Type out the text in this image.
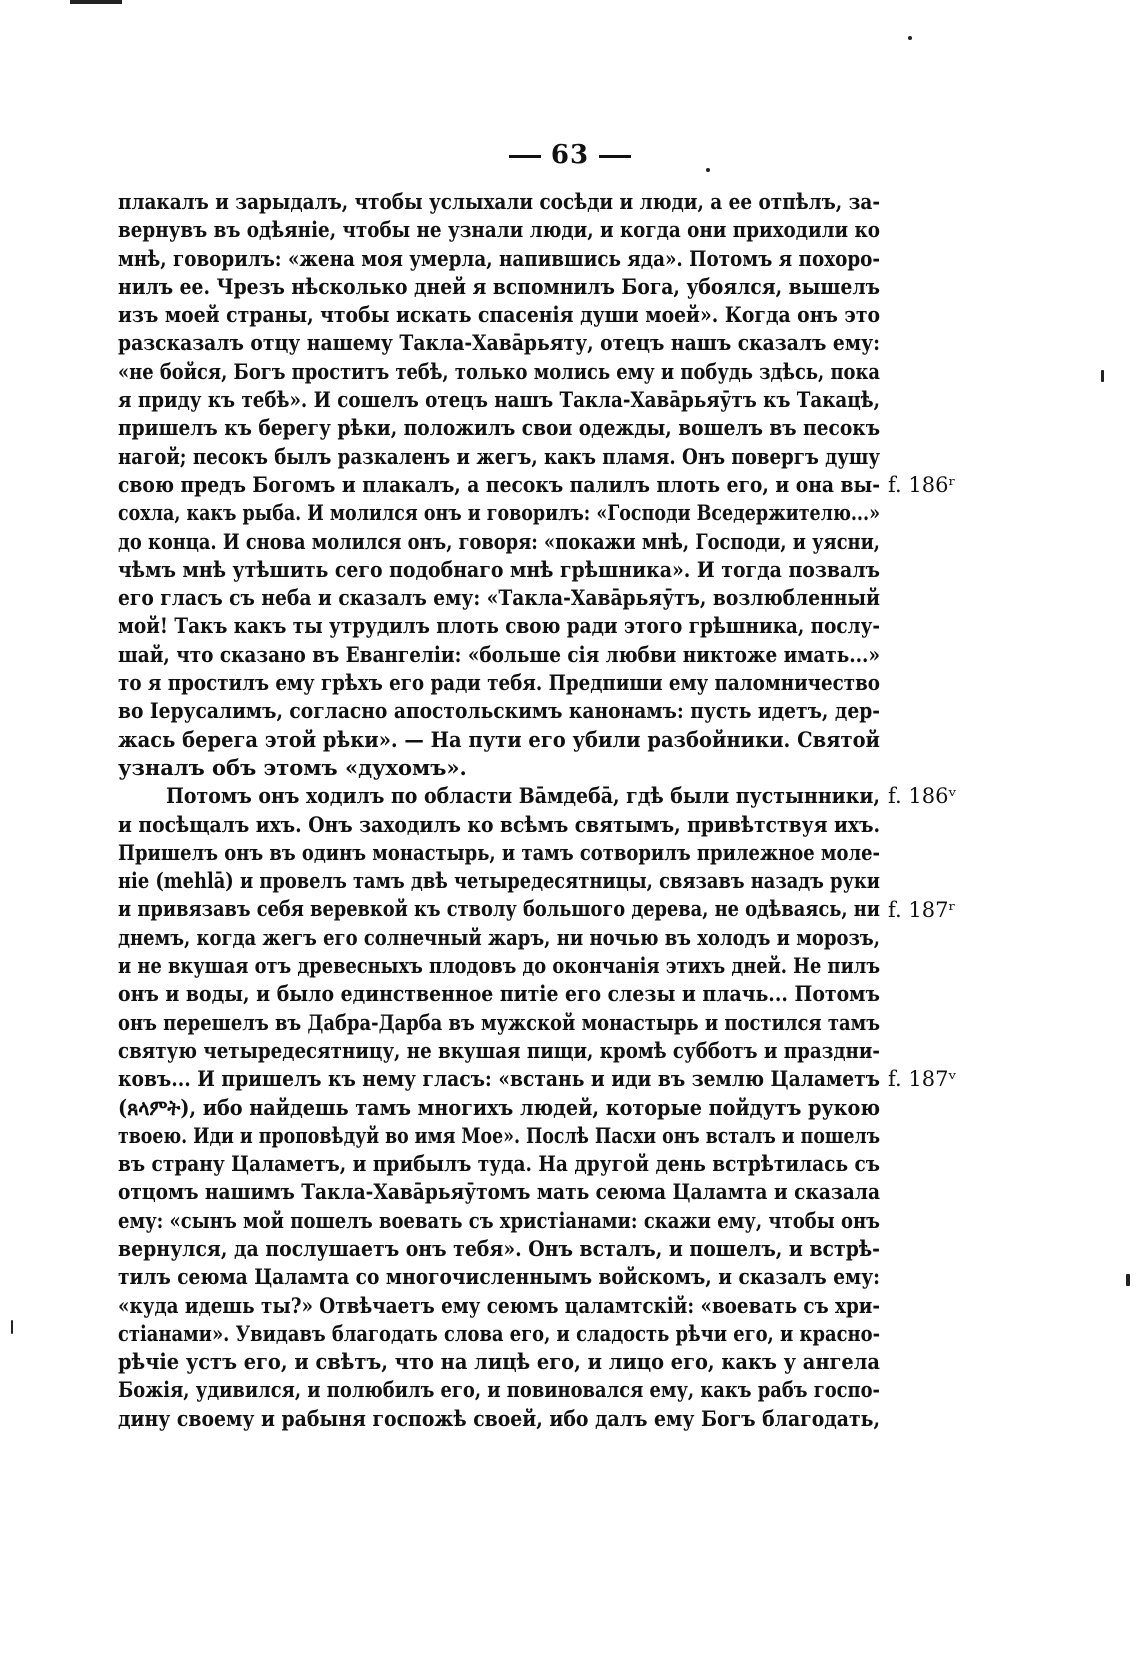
63
плакалъ и зарыдалъ, чтобы услыхали сосѣди и люди, а ее отпѣлъ, за-
вернувъ въ одѣяніе, чтобы не узнали люди, и когда они приходили ко
мнѣ, говорилъ: «жена моя умерла, напившись яда». Потомъ я похоро-
нилъ ее. Чрезъ нѣсколько дней я вспомнилъ Бога, убоялся, вышелъ
изъ моей страны, чтобы искать спасенія души моей». Когда онъ это
разсказалъ отцу нашему Такла-Хавāрьяту, отецъ нашъ сказалъ ему:
«не бойся, Богъ проститъ тебѣ, только молись ему и побудь здѣсь, пока
я приду къ тебѣ». И сошелъ отецъ нашъ Такла-Хавāрьяӯтъ къ Такацѣ,
пришелъ къ берегу рѣки, положилъ свои одежды, вошелъ въ песокъ
нагой; песокъ былъ разкаленъ и жегъ, какъ пламя. Онъ повергъ душу
свою предъ Богомъ и плакалъ, а песокъ палилъ плоть его, и она вы-
сохла, какъ рыба. И молился онъ и говорилъ: «Господи Вседержителю...»
до конца. И снова молился онъ, говоря: «покажи мнѣ, Господи, и уясни,
чѣмъ мнѣ утѣшить сего подобнаго мнѣ грѣшника». И тогда позвалъ
его гласъ съ неба и сказалъ ему: «Такла-Хавāрьяӯтъ, возлюбленный
мой! Такъ какъ ты утрудилъ плоть свою ради этого грѣшника, послу-
шай, что сказано въ Евангеліи: «больше сія любви никтоже имать...»
то я простилъ ему грѣхъ его ради тебя. Предпиши ему паломничество
во Іерусалимъ, согласно апостольскимъ канонамъ: пусть идетъ, дер-
жась берега этой рѣки». — На пути его убили разбойники. Святой
узналъ объ этомъ «духомъ».
Потомъ онъ ходилъ по области Вāмдебā, гдѣ были пустынники,
и посѣщалъ ихъ. Онъ заходилъ ко всѣмъ святымъ, привѣтствуя ихъ.
Пришелъ онъ въ одинъ монастырь, и тамъ сотворилъ прилежное моле-
ніе (mehlā) и провелъ тамъ двѣ четыредесятницы, связавъ назадъ руки
и привязавъ себя веревкой къ стволу большого дерева, не одѣваясь, ни
днемъ, когда жегъ его солнечный жаръ, ни ночью въ холодъ и морозъ,
и не вкушая отъ древесныхъ плодовъ до окончанія этихъ дней. Не пилъ
онъ и воды, и было единственное питіе его слезы и плачь... Потомъ
онъ перешелъ въ Дабра-Дарба въ мужской монастырь и постился тамъ
святую четыредесятницу, не вкушая пищи, кромѣ субботъ и праздни-
ковъ... И пришелъ къ нему гласъ: «встань и иди въ землю Цаламетъ
(ጸላምት), ибо найдешь тамъ многихъ людей, которые пойдутъ рукою
твоею. Иди и проповѣдуй во имя Мое». Послѣ Пасхи онъ всталъ и пошелъ
въ страну Цаламетъ, и прибылъ туда. На другой день встрѣтилась съ
отцомъ нашимъ Такла-Хавāрьяӯтомъ мать сеюма Цаламта и сказала
ему: «сынъ мой пошелъ воевать съ христіанами: скажи ему, чтобы онъ
вернулся, да послушаетъ онъ тебя». Онъ всталъ, и пошелъ, и встрѣ-
тилъ сеюма Цаламта со многочисленнымъ войскомъ, и сказалъ ему:
«куда идешь ты?» Отвѣчаетъ ему сеюмъ цаламтскій: «воевать съ хри-
стіанами». Увидавъ благодать слова его, и сладость рѣчи его, и красно-
рѣчіе устъ его, и свѣтъ, что на лицѣ его, и лицо его, какъ у ангела
Божія, удивился, и полюбилъ его, и повиновался ему, какъ рабъ госпо-
дину своему и рабыня госпожѣ своей, ибо далъ ему Богъ благодать,
f. 186ʳ
f. 186ᵛ
f. 187ʳ
f. 187ᵛ
